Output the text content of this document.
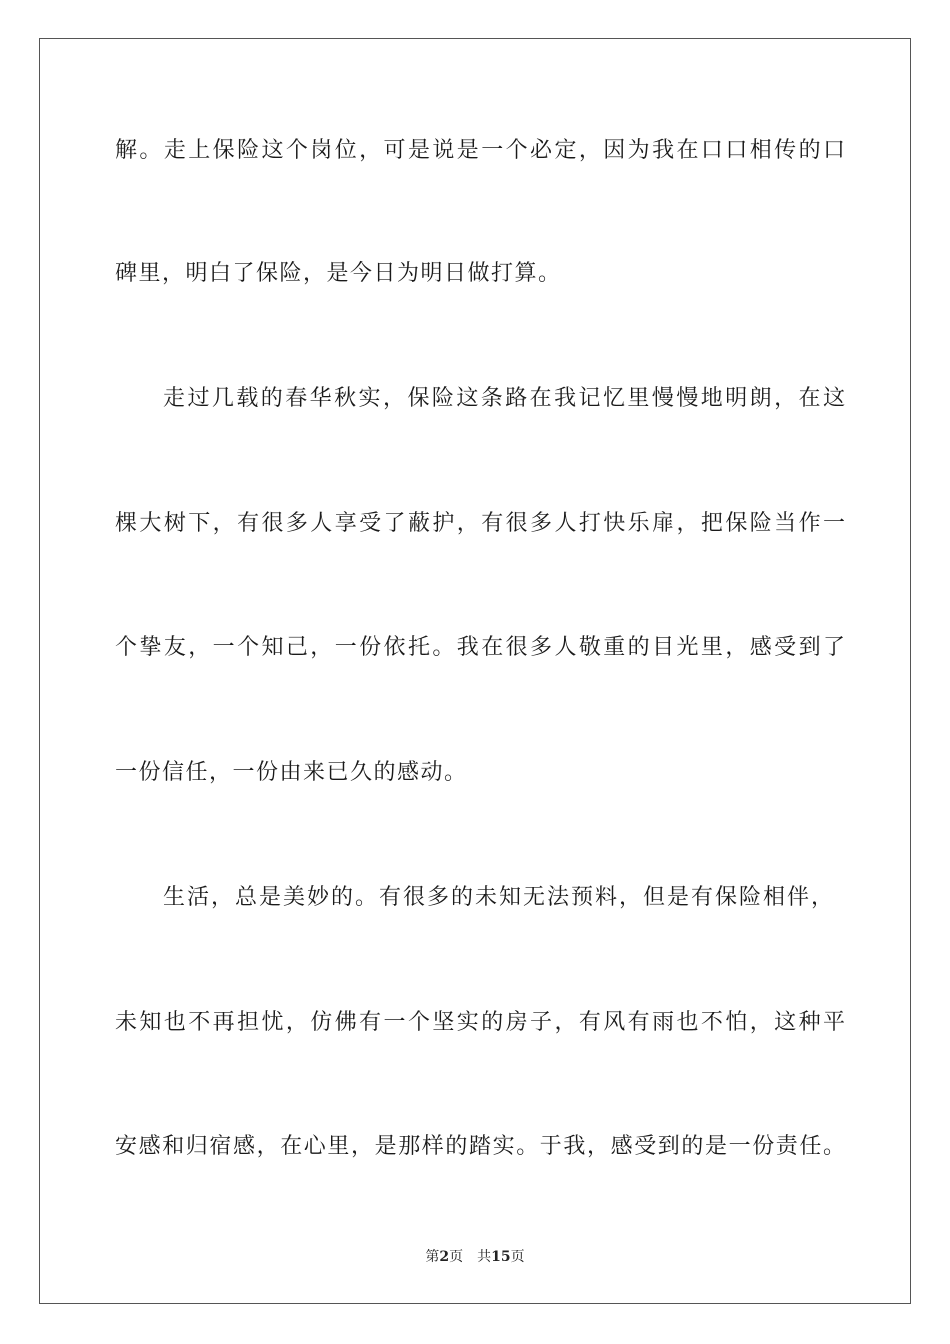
解。走上保险这个岗位，可是说是一个必定，因为我在口口相传的口
碑里，明白了保险，是今日为明日做打算。
走过几载的春华秋实，保险这条路在我记忆里慢慢地明朗，在这
棵大树下，有很多人享受了蔽护，有很多人打快乐扉，把保险当作一
个挚友，一个知己，一份依托。我在很多人敬重的目光里，感受到了
一份信任，一份由来已久的感动。
生活，总是美妙的。有很多的未知无法预料，但是有保险相伴，
未知也不再担忧，仿佛有一个坚实的房子，有风有雨也不怕，这种平
安感和归宿感，在心里，是那样的踏实。于我，感受到的是一份责任。
第2页 共15页
